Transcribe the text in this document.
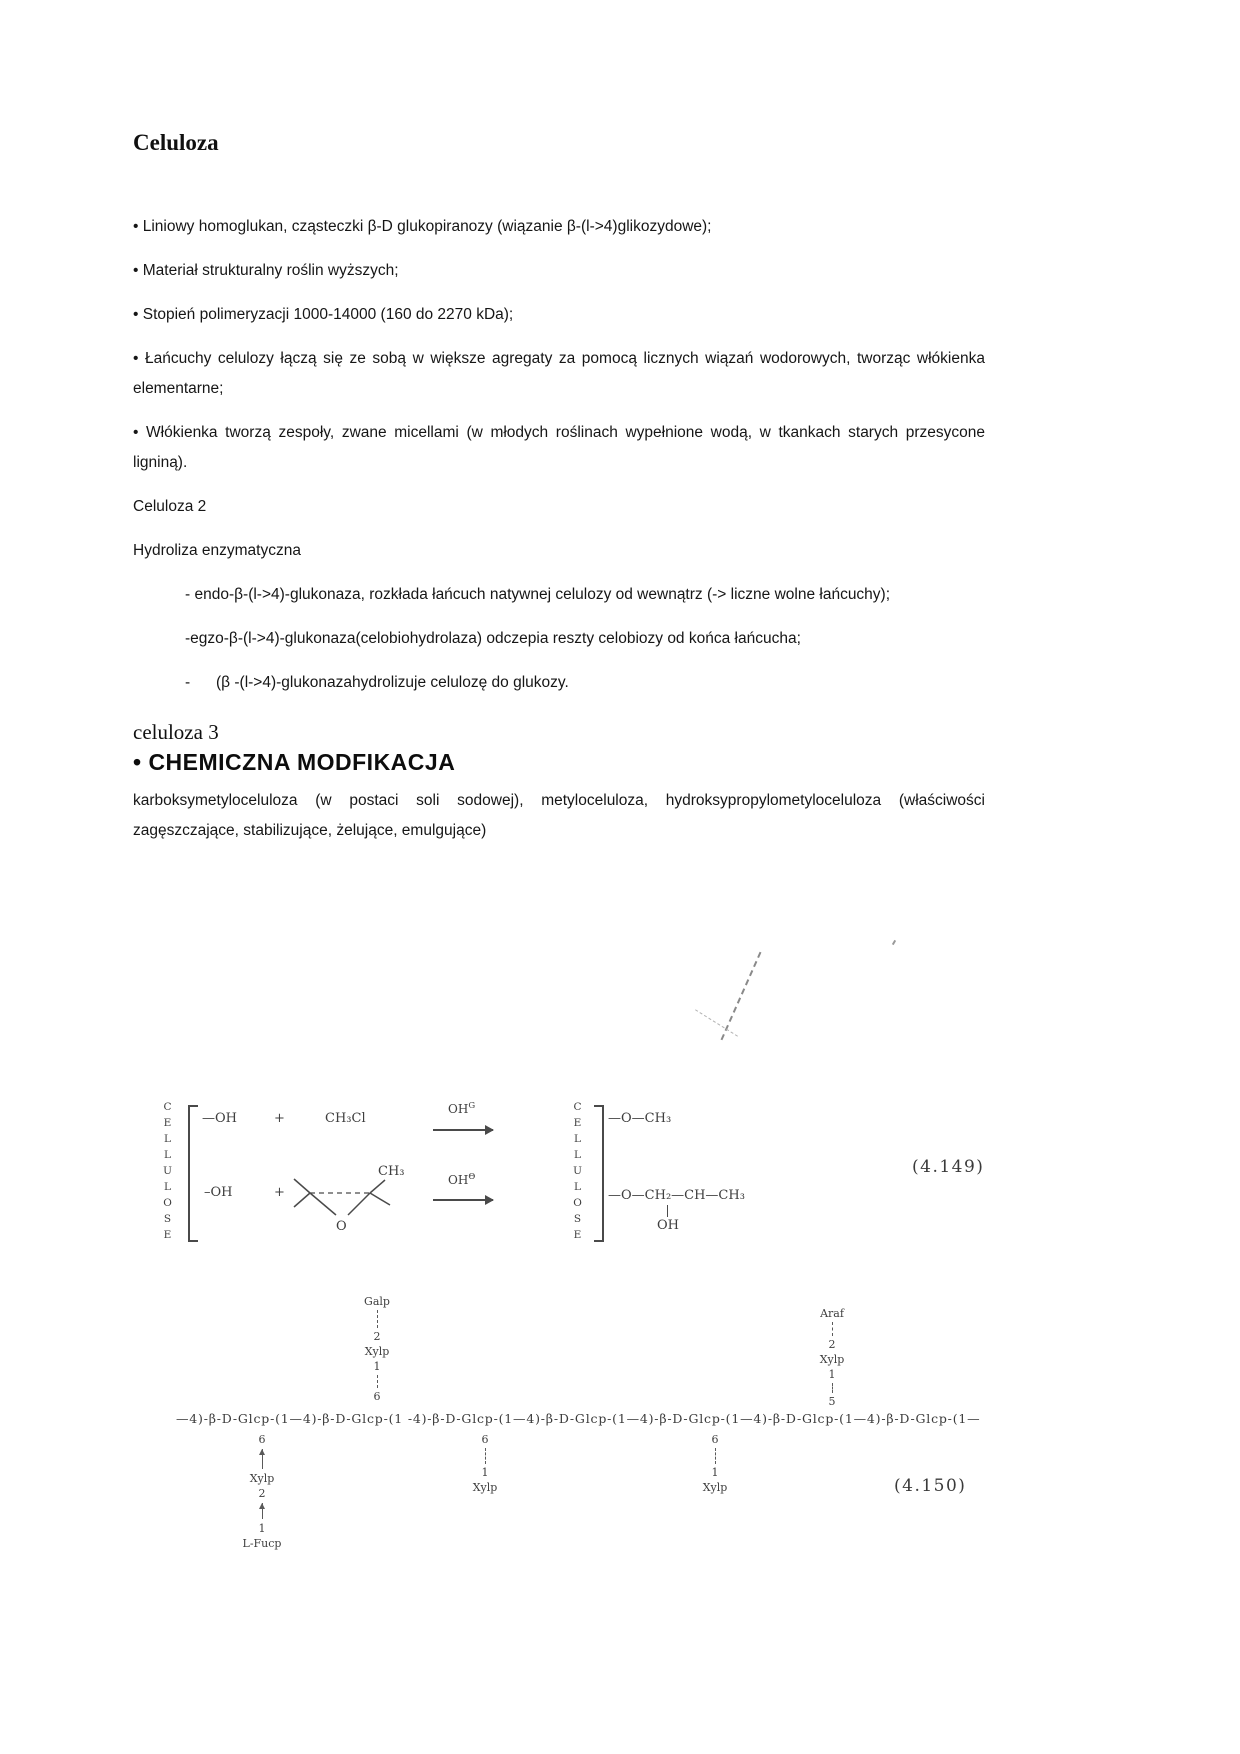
Celuloza

• Liniowy homoglukan, cząsteczki β-D glukopiranozy (wiązanie β-(l->4)glikozydowe);

• Materiał strukturalny roślin wyższych;

• Stopień polimeryzacji 1000-14000 (160 do 2270 kDa);

• Łańcuchy celulozy łączą się ze sobą w większe agregaty za pomocą licznych wiązań wodorowych, tworząc włókienka elementarne;

• Włókienka tworzą zespoły, zwane micellami (w młodych roślinach wypełnione wodą, w tkankach starych przesycone ligniną).

Celuloza 2

Hydroliza enzymatyczna

- endo-β-(l->4)-glukonaza, rozkłada łańcuch natywnej celulozy od wewnątrz (-> liczne wolne łańcuchy);

-egzo-β-(l->4)-glukonaza(celobiohydrolaza) odczepia reszty celobiozy od końca łańcucha;

-      (β -(l->4)-glukonazahydrolizuje celulozę do glukozy.

celuloza 3
• CHEMICZNA MODFIKACJA

karboksymetyloceluloza (w postaci soli sodowej), metyloceluloza, hydroksypropylometyloceluloza (właściwości zagęszczające, stabilizujące, żelujące, emulgujące)

CELLULOSE —OH	+	CH₃Cl
$OH^G$	CELLULOSE —O—CH₃
–OH	+
CH₃
O
$OH^\Theta$
—O—CH₂—CH—CH₃
OH
(4.149)
Galp
2
Xylp
1
6
Araf
2
Xylp
1
5
—4)-β-D-Glcp-(1—4)-β-D-Glcp-(1 -4)-β-D-Glcp-(1—4)-β-D-Glcp-(1—4)-β-D-Glcp-(1—4)-β-D-Glcp-(1—4)-β-D-Glcp-(1—
6
Xylp
2
1
L-Fucp
6
1
Xylp
6
1
Xylp	(4.150)
